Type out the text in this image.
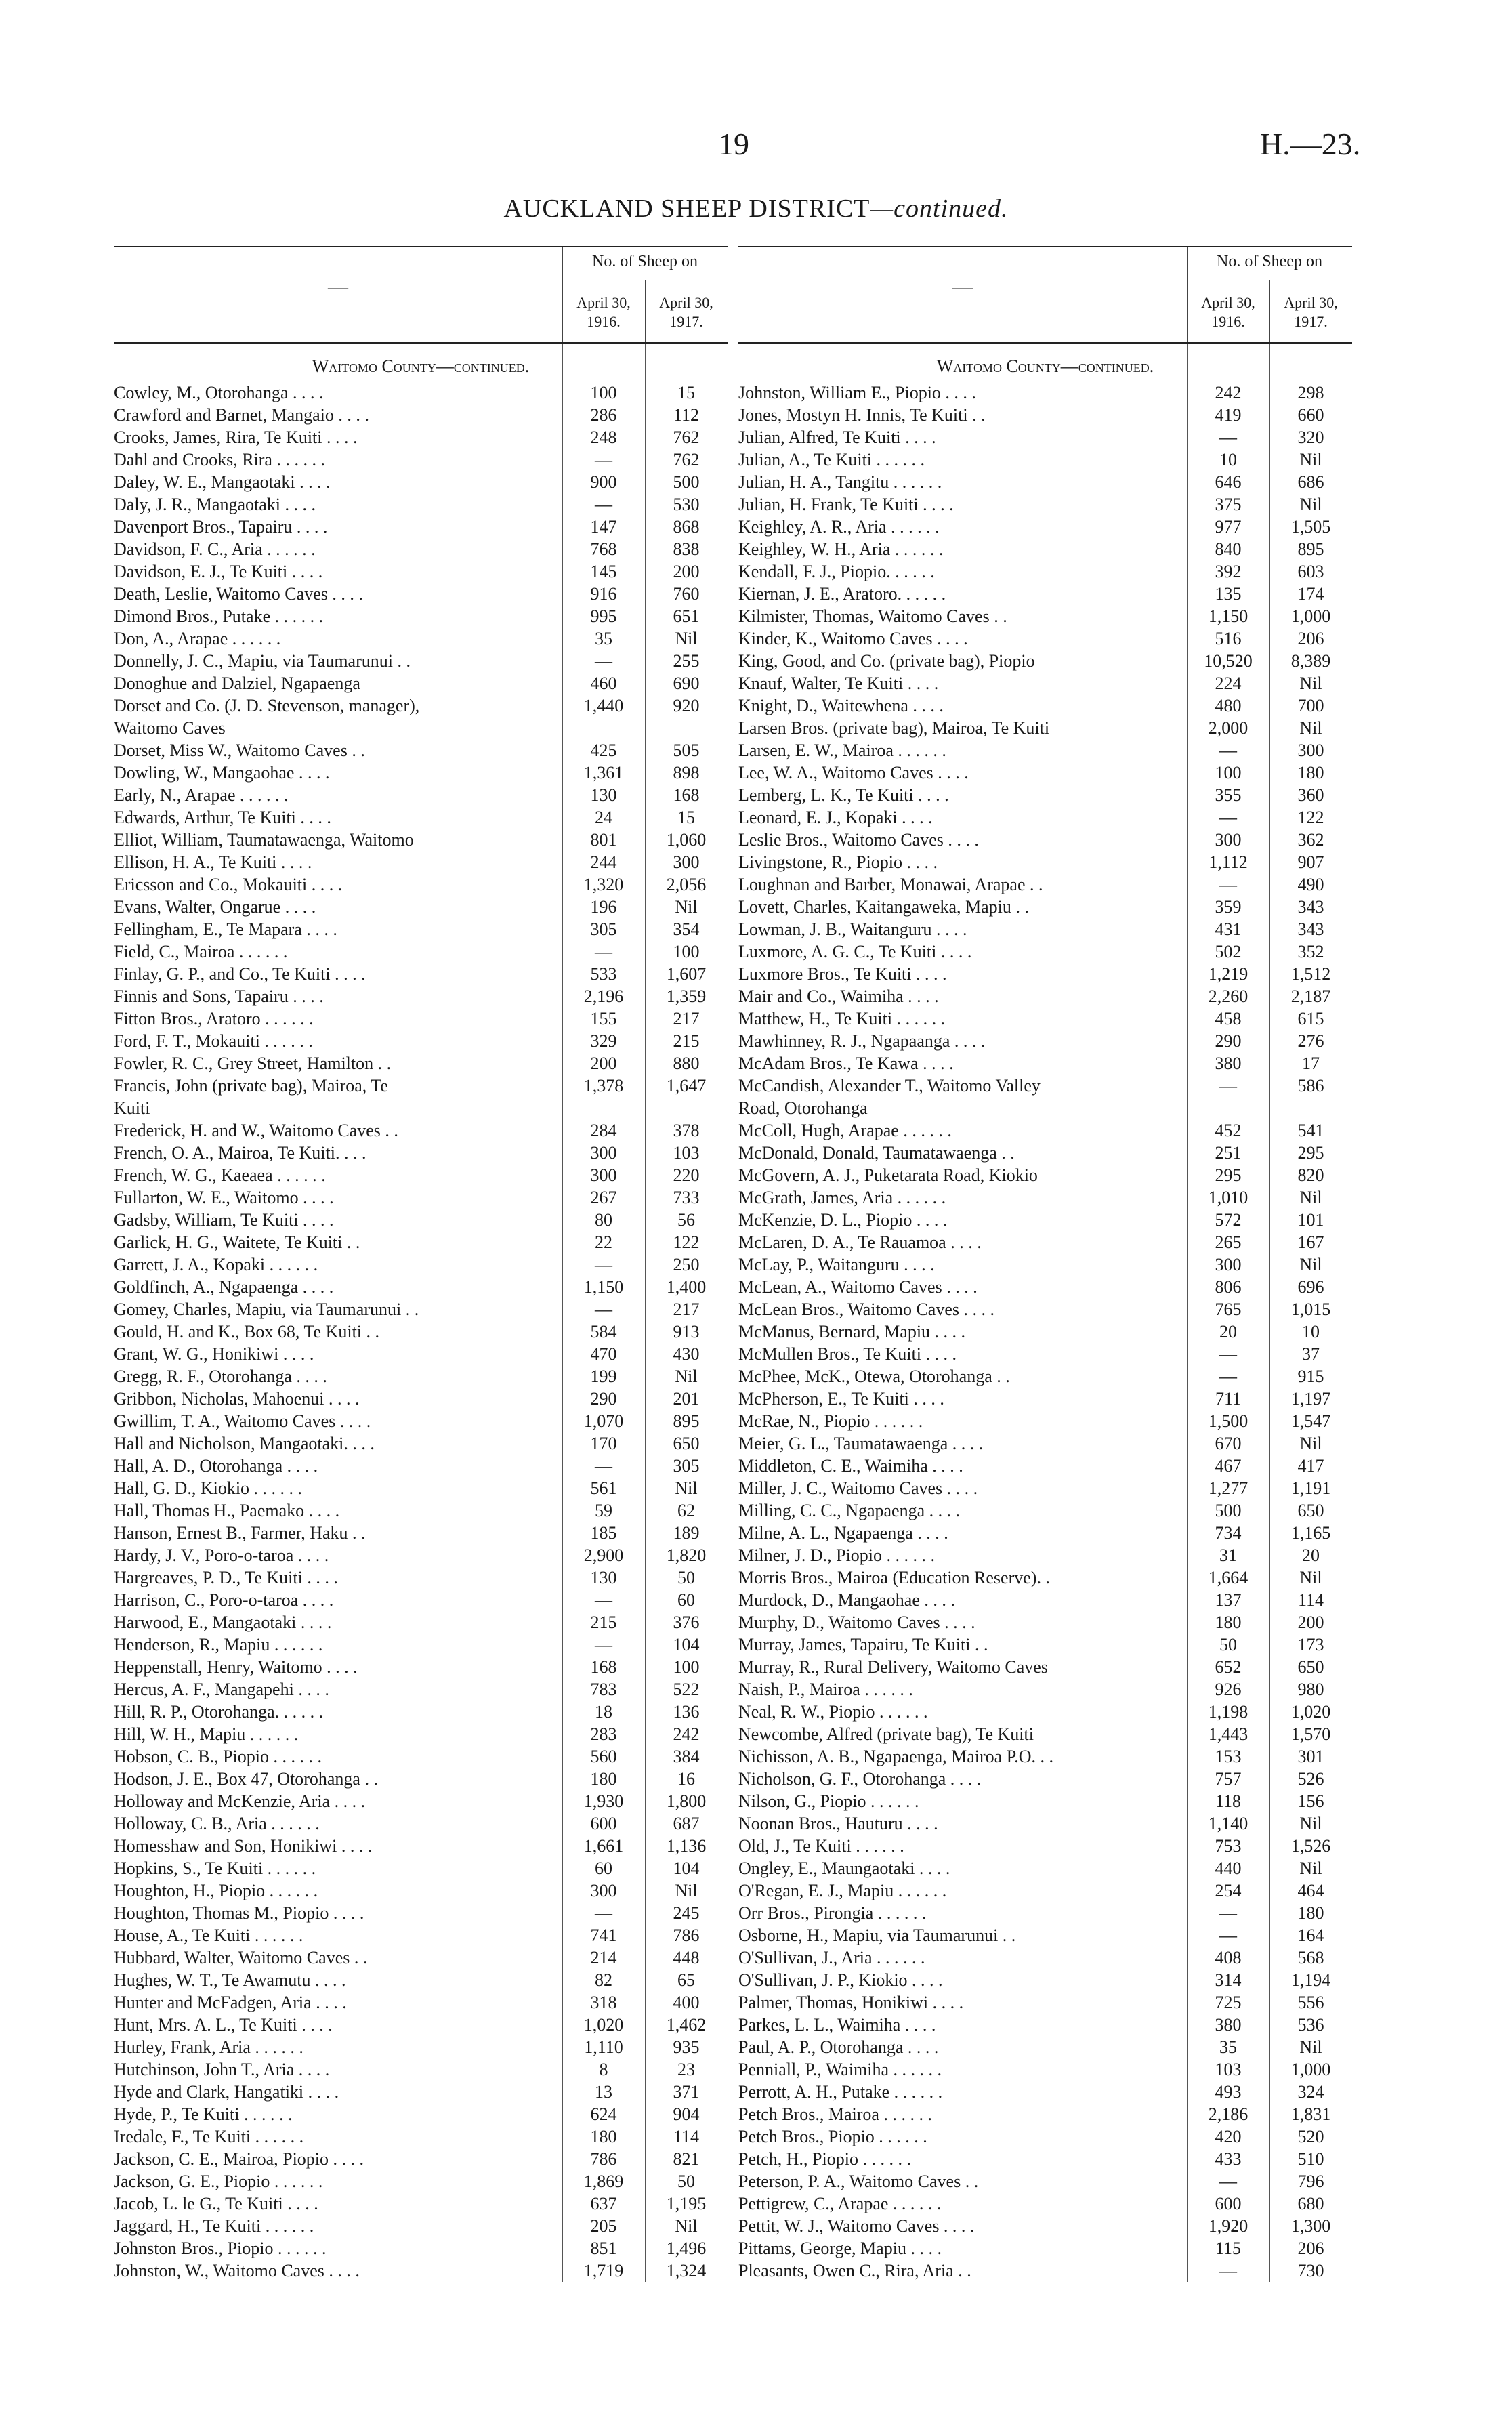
19	H.—23.
AUCKLAND SHEEP DISTRICT—continued.
—
No. of Sheep on
April 30, 1916.
April 30, 1917.
Waitomo County—continued.
Cowley, M., Otorohanga . . . .	100	15
Crawford and Barnet, Mangaio . . . .	286	112
Crooks, James, Rira, Te Kuiti . . . .	248	762
Dahl and Crooks, Rira . . . . . .	—	762
Daley, W. E., Mangaotaki . . . .	900	500
Daly, J. R., Mangaotaki . . . .	—	530
Davenport Bros., Tapairu . . . .	147	868
Davidson, F. C., Aria . . . . . .	768	838
Davidson, E. J., Te Kuiti . . . .	145	200
Death, Leslie, Waitomo Caves . . . .	916	760
Dimond Bros., Putake . . . . . .	995	651
Don, A., Arapae . . . . . .	35	Nil
Donnelly, J. C., Mapiu, via Taumarunui . .	—	255
Donoghue and Dalziel, Ngapaenga	460	690
Dorset and Co. (J. D. Stevenson, manager),	1,440	920
Waitomo Caves
Dorset, Miss W., Waitomo Caves . .	425	505
Dowling, W., Mangaohae . . . .	1,361	898
Early, N., Arapae . . . . . .	130	168
Edwards, Arthur, Te Kuiti . . . .	24	15
Elliot, William, Taumatawaenga, Waitomo	801	1,060
Ellison, H. A., Te Kuiti . . . .	244	300
Ericsson and Co., Mokauiti . . . .	1,320	2,056
Evans, Walter, Ongarue . . . .	196	Nil
Fellingham, E., Te Mapara . . . .	305	354
Field, C., Mairoa . . . . . .	—	100
Finlay, G. P., and Co., Te Kuiti . . . .	533	1,607
Finnis and Sons, Tapairu . . . .	2,196	1,359
Fitton Bros., Aratoro . . . . . .	155	217
Ford, F. T., Mokauiti . . . . . .	329	215
Fowler, R. C., Grey Street, Hamilton . .	200	880
Francis, John (private bag), Mairoa, Te	1,378	1,647
Kuiti
Frederick, H. and W., Waitomo Caves . .	284	378
French, O. A., Mairoa, Te Kuiti. . . .	300	103
French, W. G., Kaeaea . . . . . .	300	220
Fullarton, W. E., Waitomo . . . .	267	733
Gadsby, William, Te Kuiti . . . .	80	56
Garlick, H. G., Waitete, Te Kuiti . .	22	122
Garrett, J. A., Kopaki . . . . . .	—	250
Goldfinch, A., Ngapaenga . . . .	1,150	1,400
Gomey, Charles, Mapiu, via Taumarunui . .	—	217
Gould, H. and K., Box 68, Te Kuiti . .	584	913
Grant, W. G., Honikiwi . . . .	470	430
Gregg, R. F., Otorohanga . . . .	199	Nil
Gribbon, Nicholas, Mahoenui . . . .	290	201
Gwillim, T. A., Waitomo Caves . . . .	1,070	895
Hall and Nicholson, Mangaotaki. . . .	170	650
Hall, A. D., Otorohanga . . . .	—	305
Hall, G. D., Kiokio . . . . . .	561	Nil
Hall, Thomas H., Paemako . . . .	59	62
Hanson, Ernest B., Farmer, Haku . .	185	189
Hardy, J. V., Poro-o-taroa . . . .	2,900	1,820
Hargreaves, P. D., Te Kuiti . . . .	130	50
Harrison, C., Poro-o-taroa . . . .	—	60
Harwood, E., Mangaotaki . . . .	215	376
Henderson, R., Mapiu . . . . . .	—	104
Heppenstall, Henry, Waitomo . . . .	168	100
Hercus, A. F., Mangapehi . . . .	783	522
Hill, R. P., Otorohanga. . . . . .	18	136
Hill, W. H., Mapiu . . . . . .	283	242
Hobson, C. B., Piopio . . . . . .	560	384
Hodson, J. E., Box 47, Otorohanga . .	180	16
Holloway and McKenzie, Aria . . . .	1,930	1,800
Holloway, C. B., Aria . . . . . .	600	687
Homesshaw and Son, Honikiwi . . . .	1,661	1,136
Hopkins, S., Te Kuiti . . . . . .	60	104
Houghton, H., Piopio . . . . . .	300	Nil
Houghton, Thomas M., Piopio . . . .	—	245
House, A., Te Kuiti . . . . . .	741	786
Hubbard, Walter, Waitomo Caves . .	214	448
Hughes, W. T., Te Awamutu . . . .	82	65
Hunter and McFadgen, Aria . . . .	318	400
Hunt, Mrs. A. L., Te Kuiti . . . .	1,020	1,462
Hurley, Frank, Aria . . . . . .	1,110	935
Hutchinson, John T., Aria . . . .	8	23
Hyde and Clark, Hangatiki . . . .	13	371
Hyde, P., Te Kuiti . . . . . .	624	904
Iredale, F., Te Kuiti . . . . . .	180	114
Jackson, C. E., Mairoa, Piopio . . . .	786	821
Jackson, G. E., Piopio . . . . . .	1,869	50
Jacob, L. le G., Te Kuiti . . . .	637	1,195
Jaggard, H., Te Kuiti . . . . . .	205	Nil
Johnston Bros., Piopio . . . . . .	851	1,496
Johnston, W., Waitomo Caves . . . .	1,719	1,324
—
No. of Sheep on
April 30, 1916.
April 30, 1917.
Waitomo County—continued.
Johnston, William E., Piopio . . . .	242	298
Jones, Mostyn H. Innis, Te Kuiti . .	419	660
Julian, Alfred, Te Kuiti . . . .	—	320
Julian, A., Te Kuiti . . . . . .	10	Nil
Julian, H. A., Tangitu . . . . . .	646	686
Julian, H. Frank, Te Kuiti . . . .	375	Nil
Keighley, A. R., Aria . . . . . .	977	1,505
Keighley, W. H., Aria . . . . . .	840	895
Kendall, F. J., Piopio. . . . . .	392	603
Kiernan, J. E., Aratoro. . . . . .	135	174
Kilmister, Thomas, Waitomo Caves . .	1,150	1,000
Kinder, K., Waitomo Caves . . . .	516	206
King, Good, and Co. (private bag), Piopio	10,520	8,389
Knauf, Walter, Te Kuiti . . . .	224	Nil
Knight, D., Waitewhena . . . .	480	700
Larsen Bros. (private bag), Mairoa, Te Kuiti	2,000	Nil
Larsen, E. W., Mairoa . . . . . .	—	300
Lee, W. A., Waitomo Caves . . . .	100	180
Lemberg, L. K., Te Kuiti . . . .	355	360
Leonard, E. J., Kopaki . . . .	—	122
Leslie Bros., Waitomo Caves . . . .	300	362
Livingstone, R., Piopio . . . .	1,112	907
Loughnan and Barber, Monawai, Arapae . .	—	490
Lovett, Charles, Kaitangaweka, Mapiu . .	359	343
Lowman, J. B., Waitanguru . . . .	431	343
Luxmore, A. G. C., Te Kuiti . . . .	502	352
Luxmore Bros., Te Kuiti . . . .	1,219	1,512
Mair and Co., Waimiha . . . .	2,260	2,187
Matthew, H., Te Kuiti . . . . . .	458	615
Mawhinney, R. J., Ngapaanga . . . .	290	276
McAdam Bros., Te Kawa . . . .	380	17
McCandish, Alexander T., Waitomo Valley	—	586
Road, Otorohanga
McColl, Hugh, Arapae . . . . . .	452	541
McDonald, Donald, Taumatawaenga . .	251	295
McGovern, A. J., Puketarata Road, Kiokio	295	820
McGrath, James, Aria . . . . . .	1,010	Nil
McKenzie, D. L., Piopio . . . .	572	101
McLaren, D. A., Te Rauamoa . . . .	265	167
McLay, P., Waitanguru . . . .	300	Nil
McLean, A., Waitomo Caves . . . .	806	696
McLean Bros., Waitomo Caves . . . .	765	1,015
McManus, Bernard, Mapiu . . . .	20	10
McMullen Bros., Te Kuiti . . . .	—	37
McPhee, McK., Otewa, Otorohanga . .	—	915
McPherson, E., Te Kuiti . . . .	711	1,197
McRae, N., Piopio . . . . . .	1,500	1,547
Meier, G. L., Taumatawaenga . . . .	670	Nil
Middleton, C. E., Waimiha . . . .	467	417
Miller, J. C., Waitomo Caves . . . .	1,277	1,191
Milling, C. C., Ngapaenga . . . .	500	650
Milne, A. L., Ngapaenga . . . .	734	1,165
Milner, J. D., Piopio . . . . . .	31	20
Morris Bros., Mairoa (Education Reserve). .	1,664	Nil
Murdock, D., Mangaohae . . . .	137	114
Murphy, D., Waitomo Caves . . . .	180	200
Murray, James, Tapairu, Te Kuiti . .	50	173
Murray, R., Rural Delivery, Waitomo Caves	652	650
Naish, P., Mairoa . . . . . .	926	980
Neal, R. W., Piopio . . . . . .	1,198	1,020
Newcombe, Alfred (private bag), Te Kuiti	1,443	1,570
Nichisson, A. B., Ngapaenga, Mairoa P.O. . .	153	301
Nicholson, G. F., Otorohanga . . . .	757	526
Nilson, G., Piopio . . . . . .	118	156
Noonan Bros., Hauturu . . . .	1,140	Nil
Old, J., Te Kuiti . . . . . .	753	1,526
Ongley, E., Maungaotaki . . . .	440	Nil
O'Regan, E. J., Mapiu . . . . . .	254	464
Orr Bros., Pirongia . . . . . .	—	180
Osborne, H., Mapiu, via Taumarunui . .	—	164
O'Sullivan, J., Aria . . . . . .	408	568
O'Sullivan, J. P., Kiokio . . . .	314	1,194
Palmer, Thomas, Honikiwi . . . .	725	556
Parkes, L. L., Waimiha . . . .	380	536
Paul, A. P., Otorohanga . . . .	35	Nil
Penniall, P., Waimiha . . . . . .	103	1,000
Perrott, A. H., Putake . . . . . .	493	324
Petch Bros., Mairoa . . . . . .	2,186	1,831
Petch Bros., Piopio . . . . . .	420	520
Petch, H., Piopio . . . . . .	433	510
Peterson, P. A., Waitomo Caves . .	—	796
Pettigrew, C., Arapae . . . . . .	600	680
Pettit, W. J., Waitomo Caves . . . .	1,920	1,300
Pittams, George, Mapiu . . . .	115	206
Pleasants, Owen C., Rira, Aria . .	—	730
